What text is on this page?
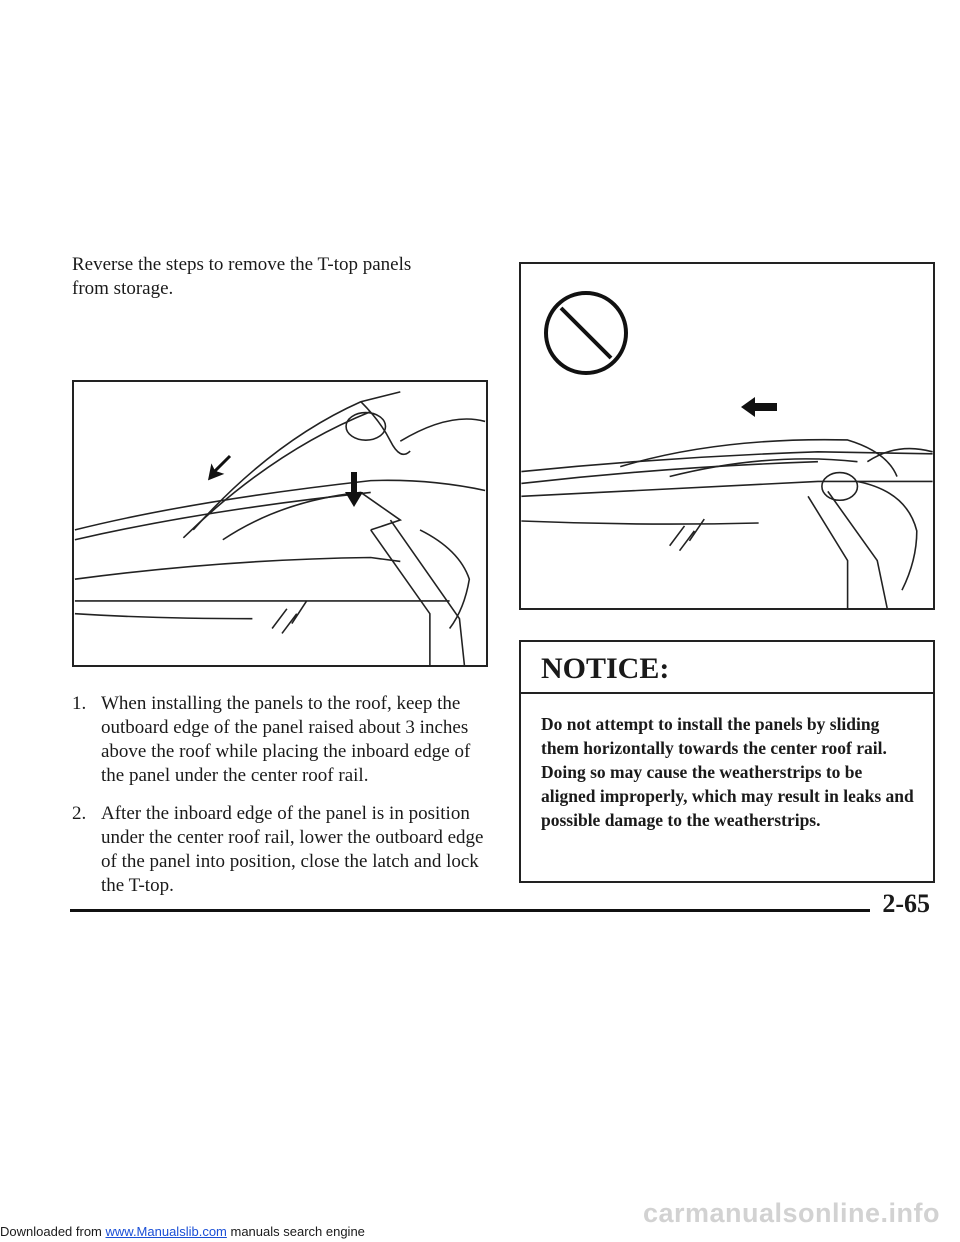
Reverse the steps to remove the T-top panels from storage.
1. When installing the panels to the roof, keep the outboard edge of the panel raised about 3 inches above the roof while placing the inboard edge of the panel under the center roof rail.
2. After the inboard edge of the panel is in position under the center roof rail, lower the outboard edge of the panel into position, close the latch and lock the T-top.
NOTICE:
Do not attempt to install the panels by sliding them horizontally towards the center roof rail. Doing so may cause the weatherstrips to be aligned improperly, which may result in leaks and possible damage to the weatherstrips.
2-65
carmanualsonline.info
Downloaded from www.Manualslib.com manuals search engine
